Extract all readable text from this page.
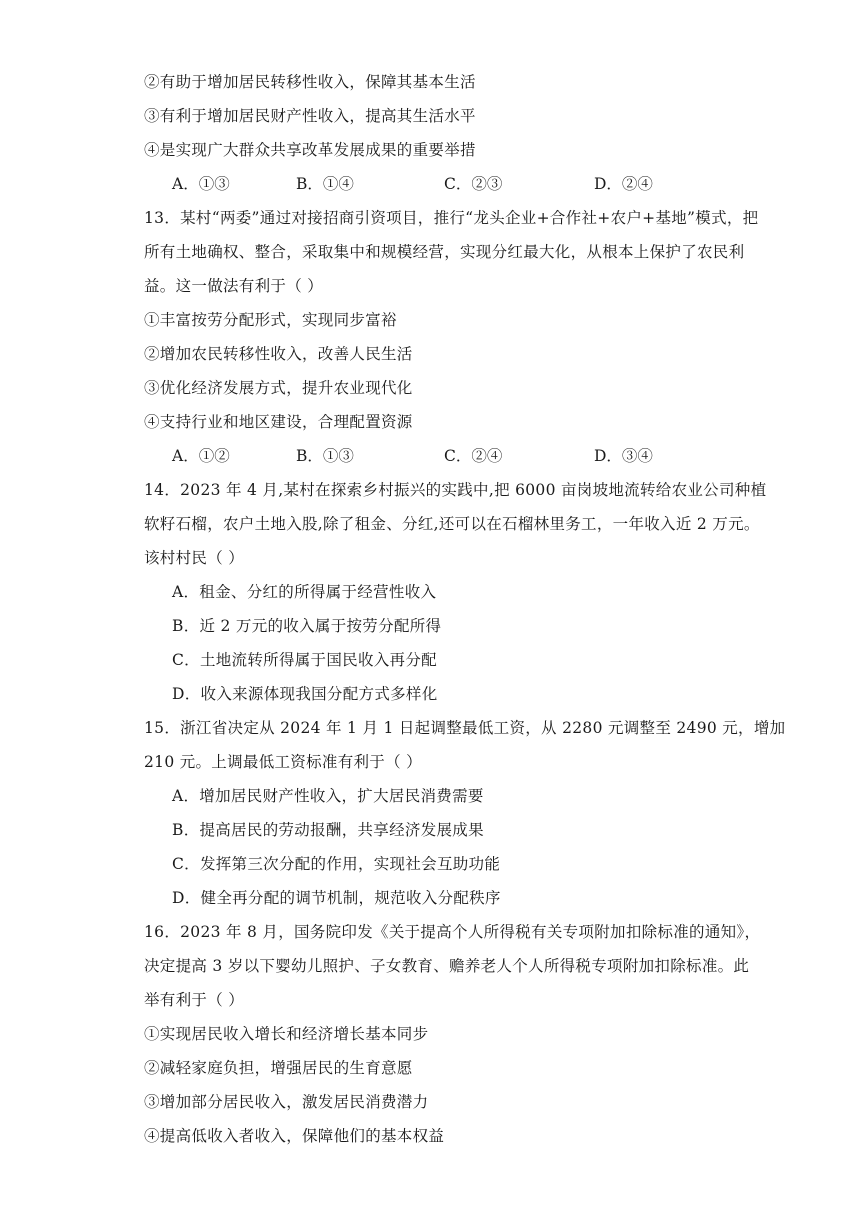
②有助于增加居民转移性收入，保障其基本生活
③有利于增加居民财产性收入，提高其生活水平
④是实现广大群众共享改革发展成果的重要举措
A．①③	B．①④	C．②③	D．②④
13．某村“两委”通过对接招商引资项目，推行“龙头企业+合作社+农户+基地”模式，把
所有土地确权、整合，采取集中和规模经营，实现分红最大化，从根本上保护了农民利
益。这一做法有利于（ ）
①丰富按劳分配形式，实现同步富裕
②增加农民转移性收入，改善人民生活
③优化经济发展方式，提升农业现代化
④支持行业和地区建设，合理配置资源
A．①②	B．①③	C．②④	D．③④
14．2023 年 4 月,某村在探索乡村振兴的实践中,把 6000 亩岗坡地流转给农业公司种植
软籽石榴，农户土地入股,除了租金、分红,还可以在石榴林里务工，一年收入近 2 万元。
该村村民（ ）
A．租金、分红的所得属于经营性收入
B．近 2 万元的收入属于按劳分配所得
C．土地流转所得属于国民收入再分配
D．收入来源体现我国分配方式多样化
15．浙江省决定从 2024 年 1 月 1 日起调整最低工资，从 2280 元调整至 2490 元，增加
210 元。上调最低工资标准有利于（ ）
A．增加居民财产性收入，扩大居民消费需要
B．提高居民的劳动报酬，共享经济发展成果
C．发挥第三次分配的作用，实现社会互助功能
D．健全再分配的调节机制，规范收入分配秩序
16．2023 年 8 月，国务院印发《关于提高个人所得税有关专项附加扣除标准的通知》，
决定提高 3 岁以下婴幼儿照护、子女教育、赡养老人个人所得税专项附加扣除标准。此
举有利于（ ）
①实现居民收入增长和经济增长基本同步
②减轻家庭负担，增强居民的生育意愿
③增加部分居民收入，激发居民消费潜力
④提高低收入者收入，保障他们的基本权益
